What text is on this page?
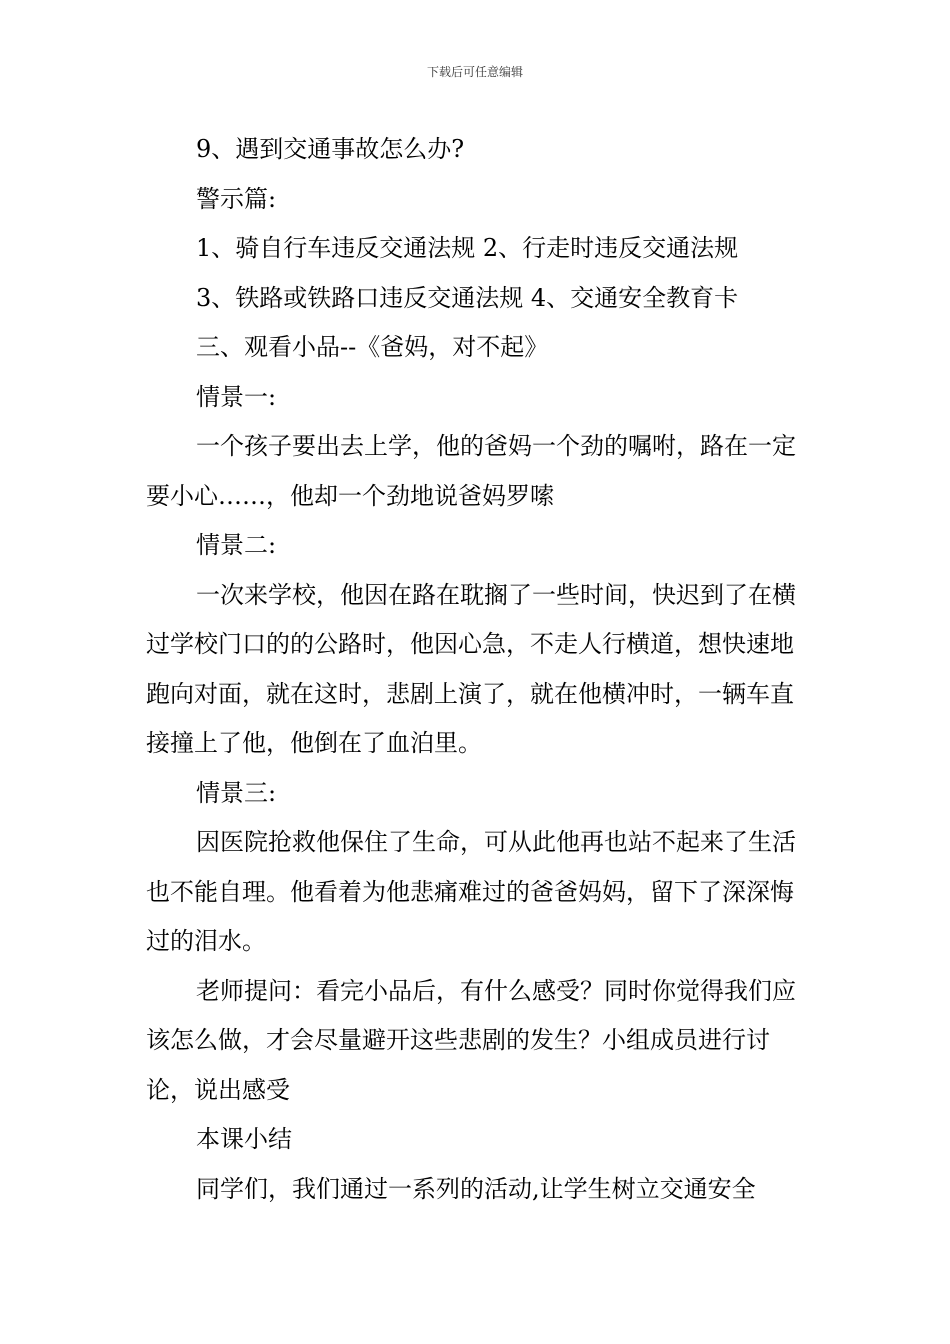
下载后可任意编辑

9、遇到交通事故怎么办?

警示篇:

1、骑自行车违反交通法规 2、行走时违反交通法规

3、铁路或铁路口违反交通法规 4、交通安全教育卡

三、观看小品--《爸妈，对不起》

情景一:

一个孩子要出去上学，他的爸妈一个劲的嘱咐，路在一定要小心……，他却一个劲地说爸妈罗嗦

情景二:

一次来学校，他因在路在耽搁了一些时间，快迟到了在横过学校门口的的公路时，他因心急，不走人行横道，想快速地跑向对面，就在这时，悲剧上演了，就在他横冲时，一辆车直接撞上了他，他倒在了血泊里。

情景三:

因医院抢救他保住了生命，可从此他再也站不起来了生活也不能自理。他看着为他悲痛难过的爸爸妈妈，留下了深深悔过的泪水。

老师提问：看完小品后，有什么感受？同时你觉得我们应该怎么做，才会尽量避开这些悲剧的发生？小组成员进行讨论，说出感受

本课小结

同学们，我们通过一系列的活动,让学生树立交通安全
